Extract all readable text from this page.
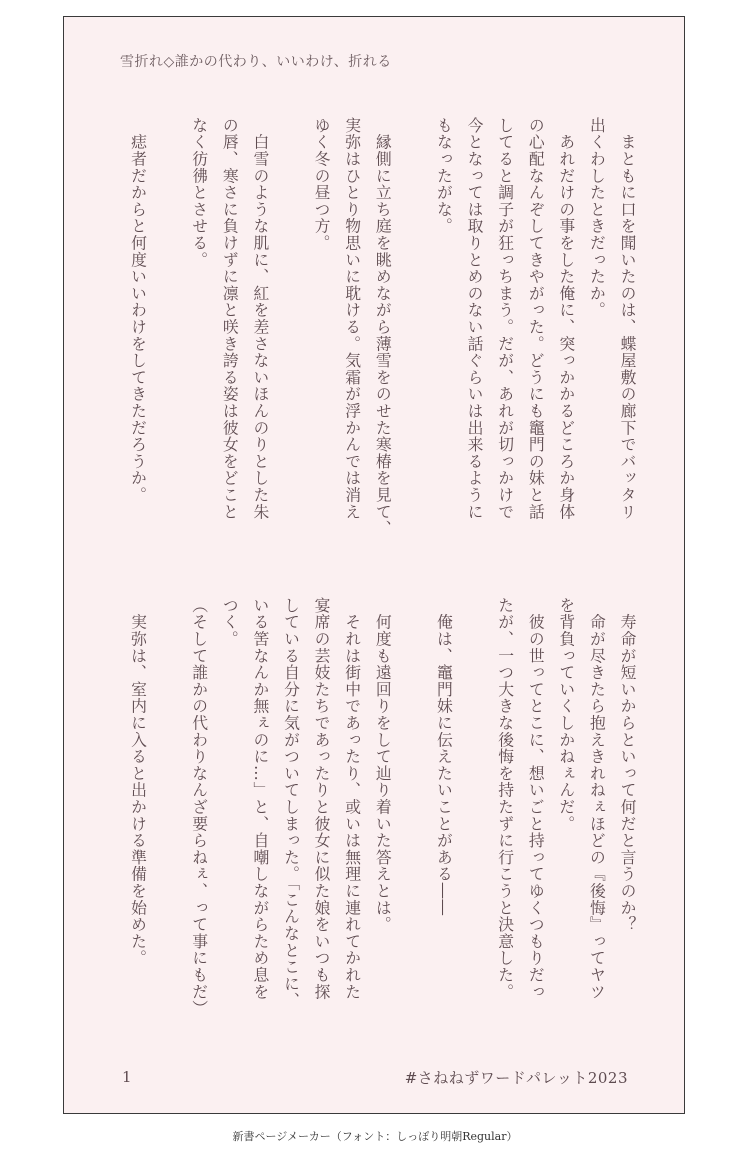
雪折れ◇誰かの代わり、いいわけ、折れる

　まともに口を聞いたのは、蝶屋敷の廊下でバッタリ

出くわしたときだったか。

　あれだけの事をした俺に、突っかかるどころか身体

の心配なんぞしてきやがった。どうにも竈門の妹と話

してると調子が狂っちまう。だが、あれが切っかけで

今となっては取りとめのない話ぐらいは出来るように

もなったがな。

　縁側に立ち庭を眺めながら薄雪をのせた寒椿を見て、

実弥はひとり物思いに耽ける。気霜が浮かんでは消え

ゆく冬の昼つ方。

　白雪のような肌に、紅を差さないほんのりとした朱

の唇、寒さに負けずに凛と咲き誇る姿は彼女をどこと

なく彷彿とさせる。

　痣者だからと何度いいわけをしてきただろうか。

　寿命が短いからといって何だと言うのか？

　命が尽きたら抱えきれねぇほどの『後悔』ってヤツ

を背負っていくしかねぇんだ。

　彼の世ってとこに、想いごと持ってゆくつもりだっ

たが、一つ大きな後悔を持たずに行こうと決意した。

　俺は、竈門妹に伝えたいことがある――

　何度も遠回りをして辿り着いた答えとは。

　それは街中であったり、或いは無理に連れてかれた

宴席の芸妓たちであったりと彼女に似た娘をいつも探

している自分に気がついてしまった。「こんなとこに、

いる筈なんか無ぇのに…」と、自嘲しながらため息を

つく。

（そして誰かの代わりなんざ要らねぇ、って事にもだ）

　実弥は、室内に入ると出かける準備を始めた。

1	#さねねずワードパレット2023
新書ページメーカー（フォント：しっぽり明朝Regular）
